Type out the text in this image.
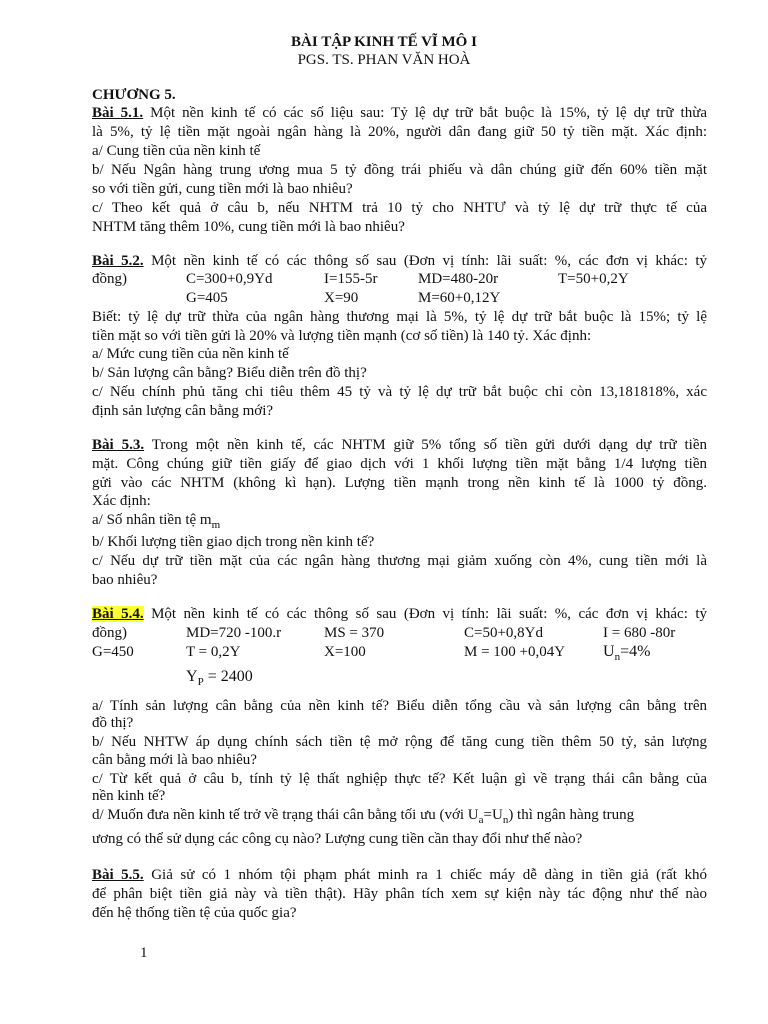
BÀI TẬP KINH TẾ VĨ MÔ I
PGS. TS. PHAN VĂN HOÀ
CHƯƠNG 5.
Bài 5.1. Một nền kinh tế có các số liệu sau: Tỷ lệ dự trữ bắt buộc là 15%, tỷ lệ dự trữ thừa
là 5%, tỷ lệ tiền mặt ngoài ngân hàng là 20%, người dân đang giữ 50 tỷ tiền mặt. Xác định:
a/ Cung tiền của nền kinh tế
b/ Nếu Ngân hàng trung ương mua 5 tỷ đồng trái phiếu và dân chúng giữ đến 60% tiền mặt
so với tiền gửi, cung tiền mới là bao nhiêu?
c/ Theo kết quả ở câu b, nếu NHTM trả 10 tỷ cho NHTƯ và tỷ lệ dự trữ thực tế của
NHTM tăng thêm 10%, cung tiền mới là bao nhiêu?
Bài 5.2. Một nền kinh tế có các thông số sau (Đơn vị tính: lãi suất: %, các đơn vị khác: tỷ
đồng)	C=300+0,9Yd	I=155-5r	MD=480-20r	T=50+0,2Y
G=405	X=90	M=60+0,12Y
Biết: tỷ lệ dự trữ thừa của ngân hàng thương mại là 5%, tỷ lệ dự trữ bắt buộc là 15%; tỷ lệ
tiền mặt so với tiền gửi là 20% và lượng tiền mạnh (cơ số tiền) là 140 tỷ. Xác định:
a/ Mức cung tiền của nền kinh tế
b/ Sản lượng cân bằng? Biểu diễn trên đồ thị?
c/ Nếu chính phủ tăng chi tiêu thêm 45 tỷ và tỷ lệ dự trữ bắt buộc chỉ còn 13,181818%, xác
định sản lượng cân bằng mới?
Bài 5.3. Trong một nền kinh tế, các NHTM giữ 5% tổng số tiền gửi dưới dạng dự trữ tiền
mặt. Công chúng giữ tiền giấy để giao dịch với 1 khối lượng tiền mặt bằng 1/4 lượng tiền
gửi vào các NHTM (không kì hạn). Lượng tiền mạnh trong nền kinh tế là 1000 tỷ đồng.
Xác định:
a/ Số nhân tiền tệ $m_m$
b/ Khối lượng tiền giao dịch trong nền kinh tế?
c/ Nếu dự trữ tiền mặt của các ngân hàng thương mại giảm xuống còn 4%, cung tiền mới là
bao nhiêu?
Bài 5.4. Một nền kinh tế có các thông số sau (Đơn vị tính: lãi suất: %, các đơn vị khác: tỷ
đồng)	MD=720 -100.r	MS = 370	C=50+0,8Yd	I = 680 -80r
G=450	T = 0,2Y	X=100	M = 100 +0,04Y $U_n=4\%$
$Y_P = 2400$
a/ Tính sản lượng cân bằng của nền kinh tế? Biểu diễn tổng cầu và sản lượng cân bằng trên
đồ thị?
b/ Nếu NHTW áp dụng chính sách tiền tệ mở rộng để tăng cung tiền thêm 50 tỷ, sản lượng
cân bằng mới là bao nhiêu?
c/ Từ kết quả ở câu b, tính tỷ lệ thất nghiệp thực tế? Kết luận gì về trạng thái cân bằng của
nền kinh tế?
d/ Muốn đưa nền kinh tế trở về trạng thái cân bằng tối ưu (với $U_a=U_n$) thì ngân hàng trung
ương có thể sử dụng các công cụ nào? Lượng cung tiền cần thay đổi như thế nào?
Bài 5.5. Giả sử có 1 nhóm tội phạm phát minh ra 1 chiếc máy dễ dàng in tiền giả (rất khó
để phân biệt tiền giả này và tiền thật). Hãy phân tích xem sự kiện này tác động như thế nào
đến hệ thống tiền tệ của quốc gia?
1
